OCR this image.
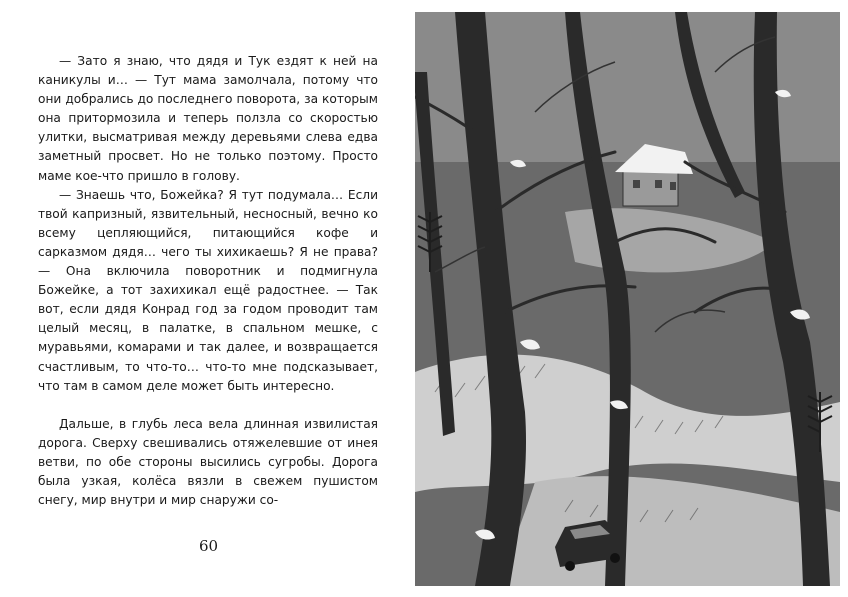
— Зато я знаю, что дядя и Тук ездят к ней на каникулы и… — Тут мама замолчала, потому что они добрались до последнего поворота, за которым она притормозила и теперь ползла со скоростью улитки, высматривая между деревьями слева едва заметный просвет. Но не только поэтому. Просто маме кое-что пришло в голову.

— Знаешь что, Божейка? Я тут подумала… Если твой капризный, язвительный, несносный, вечно ко всему цепляющийся, питающийся кофе и сарказмом дядя… чего ты хихикаешь? Я не права? — Она включила поворотник и подмигнула Божейке, а тот захихикал ещё радостнее. — Так вот, если дядя Конрад год за годом проводит там целый месяц, в палатке, в спальном мешке, с муравьями, комарами и так далее, и возвращается счастливым, то что-то… что-то мне подсказывает, что там в самом деле может быть интересно.

Дальше, в глубь леса вела длинная извилистая дорога. Сверху свешивались отяжелевшие от инея ветви, по обе стороны высились сугробы. Дорога была узкая, колёса вязли в свежем пушистом снегу, мир внутри и мир снаружи со-

60
